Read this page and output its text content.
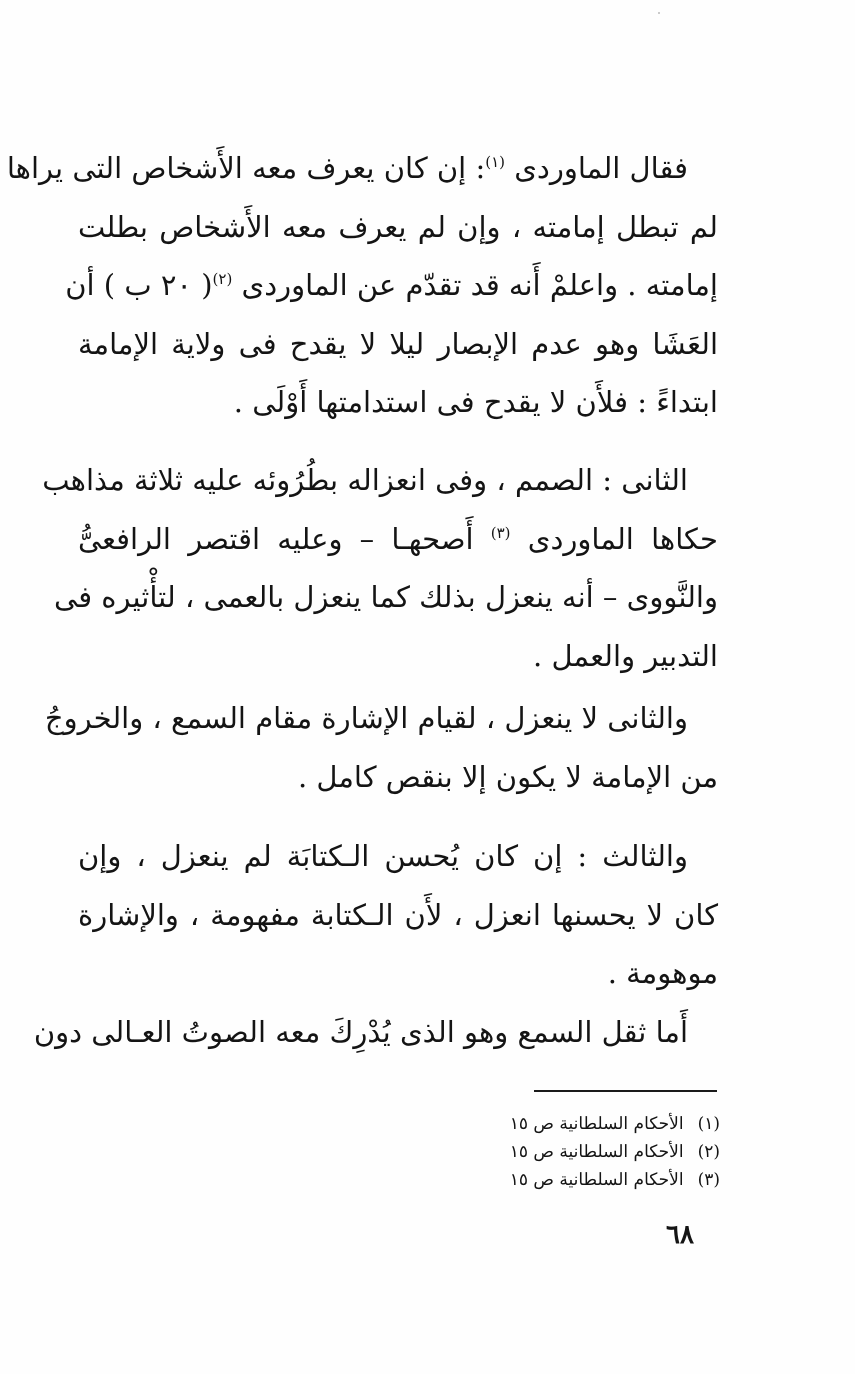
فقال الماوردى $^{(١)}$: إن كان يعرف معه الأَشخاص التى يراها
لم تبطل إمامته ، وإن لم يعرف معه الأَشخاص بطلت
إمامته . واعلمْ أَنه قد تقدّم عن الماوردى $^{(٢)}$( ٢٠ ب ) أن
العَشَا وهو عدم الإبصار ليلا لا يقدح فى ولاية الإمامة
ابتداءً : فلأَن لا يقدح فى استدامتها أَوْلَى .
الثانى : الصمم ، وفى انعزاله بطُرُوئه عليه ثلاثة مذاهب
حكاها الماوردى $^{(٣)}$ أَصحهـا – وعليه اقتصر الرافعىُّ
والنَّووى – أنه ينعزل بذلك كما ينعزل بالعمى ، لتأْثيره فى
التدبير والعمل .
والثانى لا ينعزل ، لقيام الإشارة مقام السمع ، والخروجُ
من الإمامة لا يكون إلا بنقص كامل .
والثالث : إن كان يُحسن الـكتابَة لم ينعزل ، وإن
كان لا يحسنها انعزل ، لأَن الـكتابة مفهومة ، والإشارة
موهومة .
أَما ثقل السمع وهو الذى يُدْرِكَ معه الصوتُ العـالى دون
(١)الأحكام السلطانية ص ١٥
(٢)الأحكام السلطانية ص ١٥
(٣)الأحكام السلطانية ص ١٥
٦٨
